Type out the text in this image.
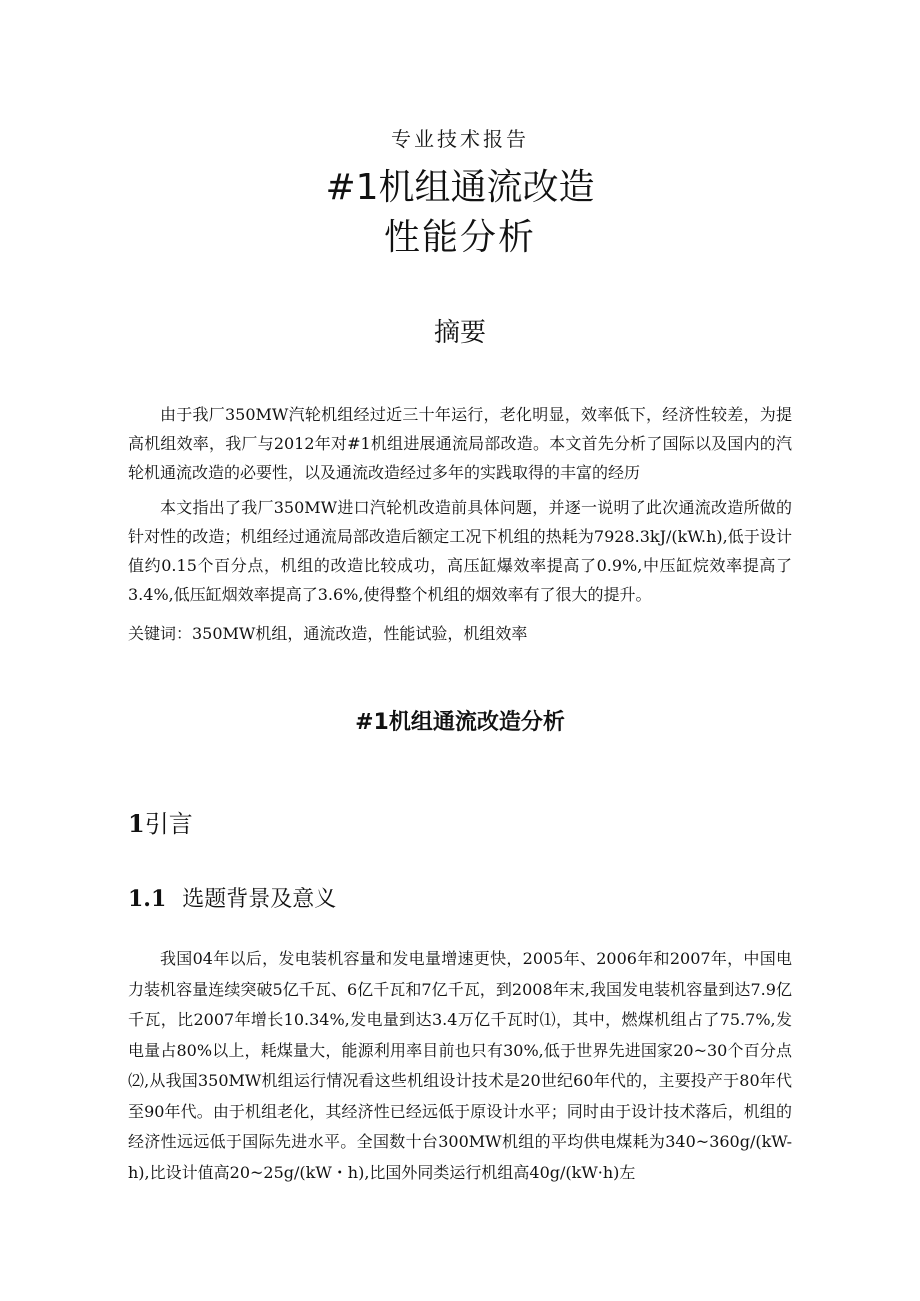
专业技术报告
#1机组通流改造
性能分析
摘要

由于我厂350MW汽轮机组经过近三十年运行，老化明显，效率低下，经济性较差，为提高机组效率，我厂与2012年对#1机组进展通流局部改造。本文首先分析了国际以及国内的汽轮机通流改造的必要性，以及通流改造经过多年的实践取得的丰富的经历

本文指出了我厂350MW进口汽轮机改造前具体问题，并逐一说明了此次通流改造所做的针对性的改造；机组经过通流局部改造后额定工况下机组的热耗为7928.3kJ/(kW.h),低于设计值约0.15个百分点，机组的改造比较成功，高压缸爆效率提高了0.9%,中压缸烷效率提高了3.4%,低压缸烟效率提高了3.6%,使得整个机组的烟效率有了很大的提升。

关键词：350MW机组，通流改造，性能试验，机组效率

#1机组通流改造分析
1引言
1.1 选题背景及意义

我国04年以后，发电装机容量和发电量增速更快，2005年、2006年和2007年，中国电力装机容量连续突破5亿千瓦、6亿千瓦和7亿千瓦，到2008年末,我国发电装机容量到达7.9亿千瓦，比2007年增长10.34%,发电量到达3.4万亿千瓦时⑴，其中，燃煤机组占了75.7%,发电量占80%以上，耗煤量大，能源利用率目前也只有30%,低于世界先进国家20~30个百分点⑵,从我国350MW机组运行情况看这些机组设计技术是20世纪60年代的，主要投产于80年代至90年代。由于机组老化，其经济性已经远低于原设计水平；同时由于设计技术落后，机组的经济性远远低于国际先进水平。全国数十台300MW机组的平均供电煤耗为340~360g/(kW-h),比设计值高20~25g/(kW・h),比国外同类运行机组高40g/(kW·h)左
